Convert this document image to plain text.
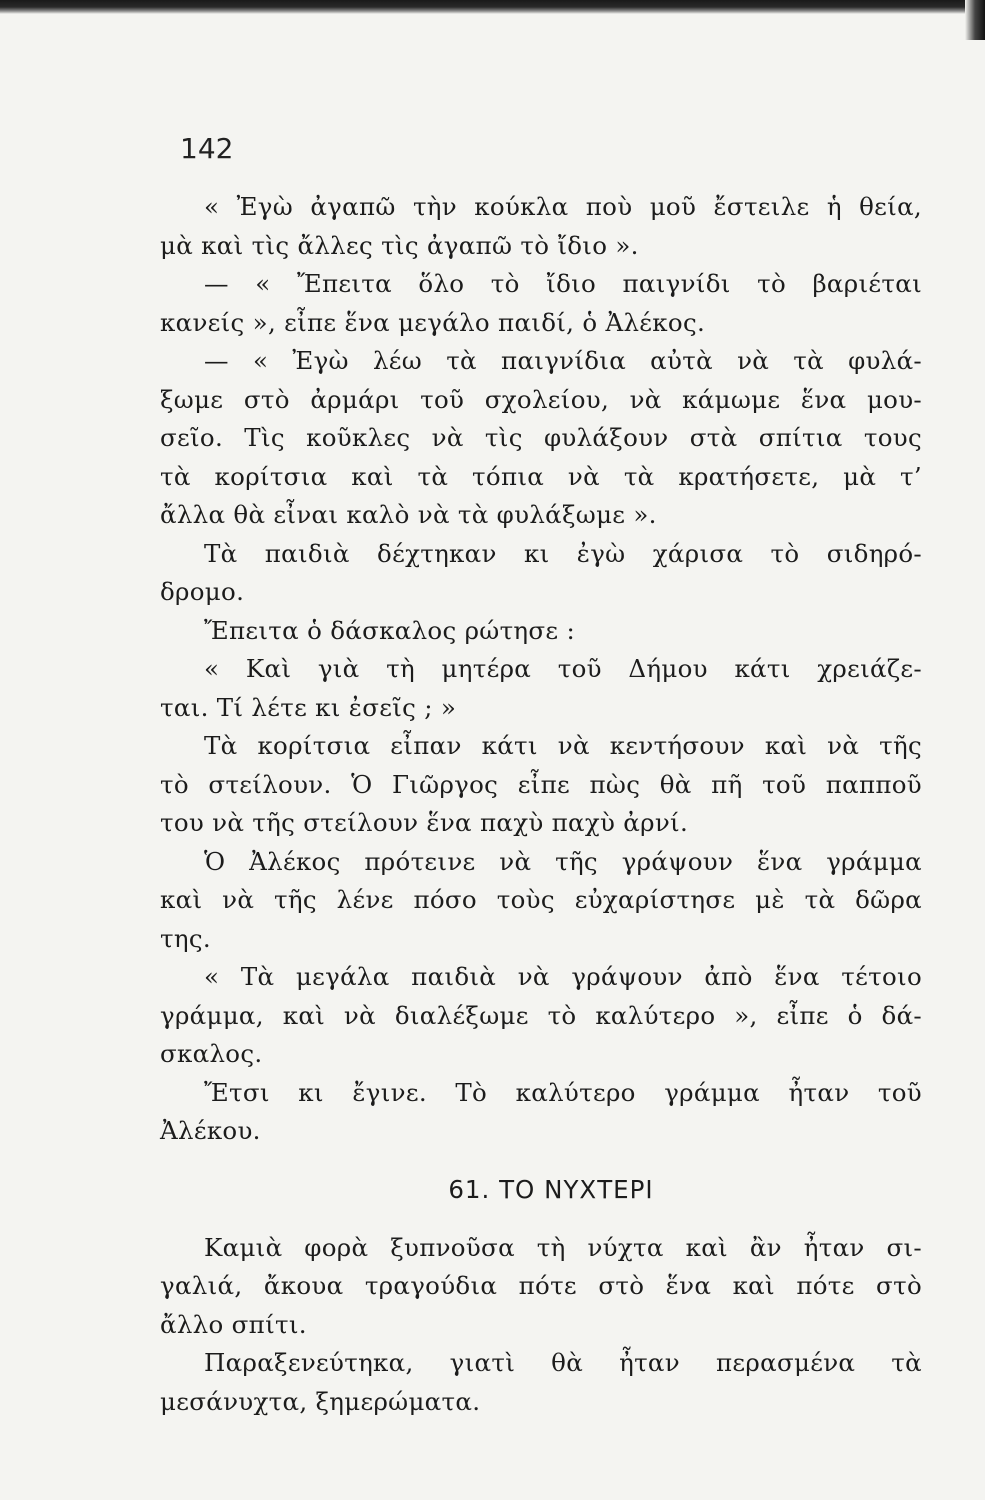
142
« Ἐγὼ ἀγαπῶ τὴν κούκλα ποὺ μοῦ ἔστειλε ἡ θεία,
μὰ καὶ τὶς ἄλλες τὶς ἀγαπῶ τὸ ἴδιο ».
— « Ἔπειτα ὅλο τὸ ἴδιο παιγνίδι τὸ βαριέται
κανείς », εἶπε ἕνα μεγάλο παιδί, ὁ Ἀλέκος.
— « Ἐγὼ λέω τὰ παιγνίδια αὐτὰ νὰ τὰ φυλά-
ξωμε στὸ ἀρμάρι τοῦ σχολείου, νὰ κάμωμε ἕνα μου-
σεῖο. Τὶς κοῦκλες νὰ τὶς φυλάξουν στὰ σπίτια τους
τὰ κορίτσια καὶ τὰ τόπια νὰ τὰ κρατήσετε, μὰ τ’
ἄλλα θὰ εἶναι καλὸ νὰ τὰ φυλάξωμε ».
Τὰ παιδιὰ δέχτηκαν κι ἐγὼ χάρισα τὸ σιδηρό-
δρομο.
Ἔπειτα ὁ δάσκαλος ρώτησε :
« Καὶ γιὰ τὴ μητέρα τοῦ Δήμου κάτι χρειάζε-
ται. Τί λέτε κι ἐσεῖς ; »
Τὰ κορίτσια εἶπαν κάτι νὰ κεντήσουν καὶ νὰ τῆς
τὸ στείλουν. Ὁ Γιῶργος εἶπε πὼς θὰ πῆ τοῦ παπποῦ
του νὰ τῆς στείλουν ἕνα παχὺ παχὺ ἀρνί.
Ὁ Ἀλέκος πρότεινε νὰ τῆς γράψουν ἕνα γράμμα
καὶ νὰ τῆς λένε πόσο τοὺς εὐχαρίστησε μὲ τὰ δῶρα
της.
« Τὰ μεγάλα παιδιὰ νὰ γράψουν ἀπὸ ἕνα τέτοιο
γράμμα, καὶ νὰ διαλέξωμε τὸ καλύτερο », εἶπε ὁ δά-
σκαλος.
Ἔτσι κι ἔγινε. Τὸ καλύτερο γράμμα ἦταν τοῦ
Ἀλέκου.
61. ΤΟ ΝΥΧΤΕΡΙ
Καμιὰ φορὰ ξυπνοῦσα τὴ νύχτα καὶ ἂν ἦταν σι-
γαλιά, ἄκουα τραγούδια πότε στὸ ἕνα καὶ πότε στὸ
ἄλλο σπίτι.
Παραξενεύτηκα, γιατὶ θὰ ἦταν περασμένα τὰ
μεσάνυχτα, ξημερώματα.
